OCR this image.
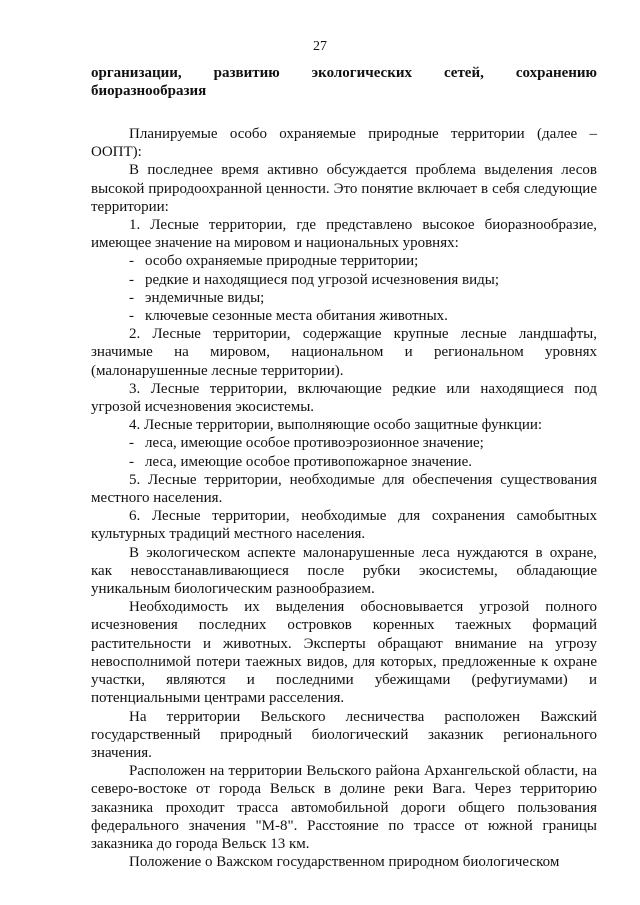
27
организации, развитию экологических сетей, сохранению
биоразнообразия

Планируемые особо охраняемые природные территории (далее – ООПТ):

В последнее время активно обсуждается проблема выделения лесов высокой природоохранной ценности. Это понятие включает в себя следующие территории:

1. Лесные территории, где представлено высокое биоразнообразие, имеющее значение на мировом и национальных уровнях:

- особо охраняемые природные территории;
- редкие и находящиеся под угрозой исчезновения виды;
- эндемичные виды;
- ключевые сезонные места обитания животных.

2. Лесные территории, содержащие крупные лесные ландшафты, значимые на мировом, национальном и региональном уровнях (малонарушенные лесные территории).

3. Лесные территории, включающие редкие или находящиеся под угрозой исчезновения экосистемы.

4. Лесные территории, выполняющие особо защитные функции:

- леса, имеющие особое противоэрозионное значение;
- леса, имеющие особое противопожарное значение.

5. Лесные территории, необходимые для обеспечения существования местного населения.

6. Лесные территории, необходимые для сохранения самобытных культурных традиций местного населения.

В экологическом аспекте малонарушенные леса нуждаются в охране, как невосстанавливающиеся после рубки экосистемы, обладающие уникальным биологическим разнообразием.

Необходимость их выделения обосновывается угрозой полного исчезновения последних островков коренных таежных формаций растительности и животных. Эксперты обращают внимание на угрозу невосполнимой потери таежных видов, для которых, предложенные к охране участки, являются и последними убежищами (рефугиумами) и потенциальными центрами расселения.

На территории Вельского лесничества расположен Важский государственный природный биологический заказник регионального значения.

Расположен на территории Вельского района Архангельской области, на северо-востоке от города Вельск в долине реки Вага. Через территорию заказника проходит трасса автомобильной дороги общего пользования федерального значения "М-8". Расстояние по трассе от южной границы заказника до города Вельск 13 км.

Положение о Важском государственном природном биологическом
